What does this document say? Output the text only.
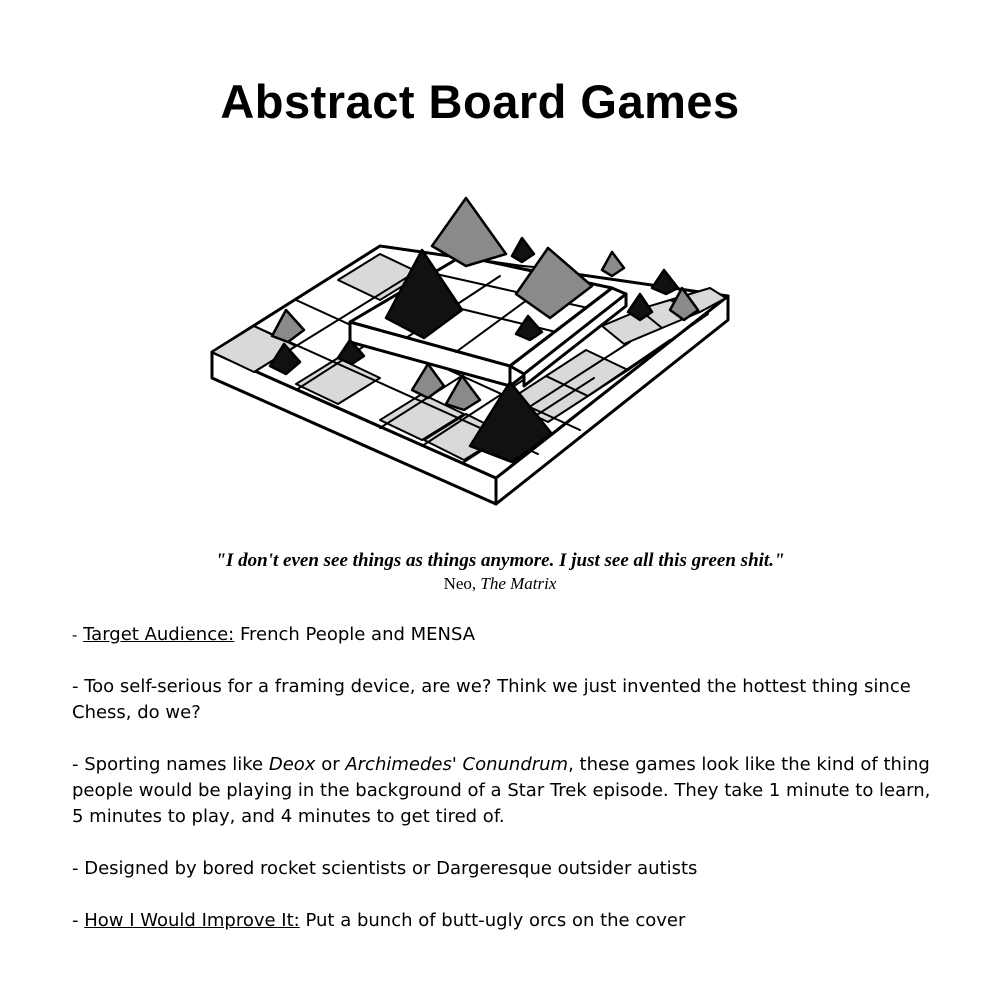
Abstract Board Games
"I don't even see things as things anymore. I just see all this green shit."
Neo, The Matrix

- Target Audience: French People and MENSA

- Too self-serious for a framing device, are we? Think we just invented the hottest thing since Chess, do we?

- Sporting names like Deox or Archimedes' Conundrum, these games look like the kind of thing people would be playing in the background of a Star Trek episode. They take 1 minute to learn, 5 minutes to play, and 4 minutes to get tired of.

- Designed by bored rocket scientists or Dargeresque outsider autists

- How I Would Improve It: Put a bunch of butt-ugly orcs on the cover
